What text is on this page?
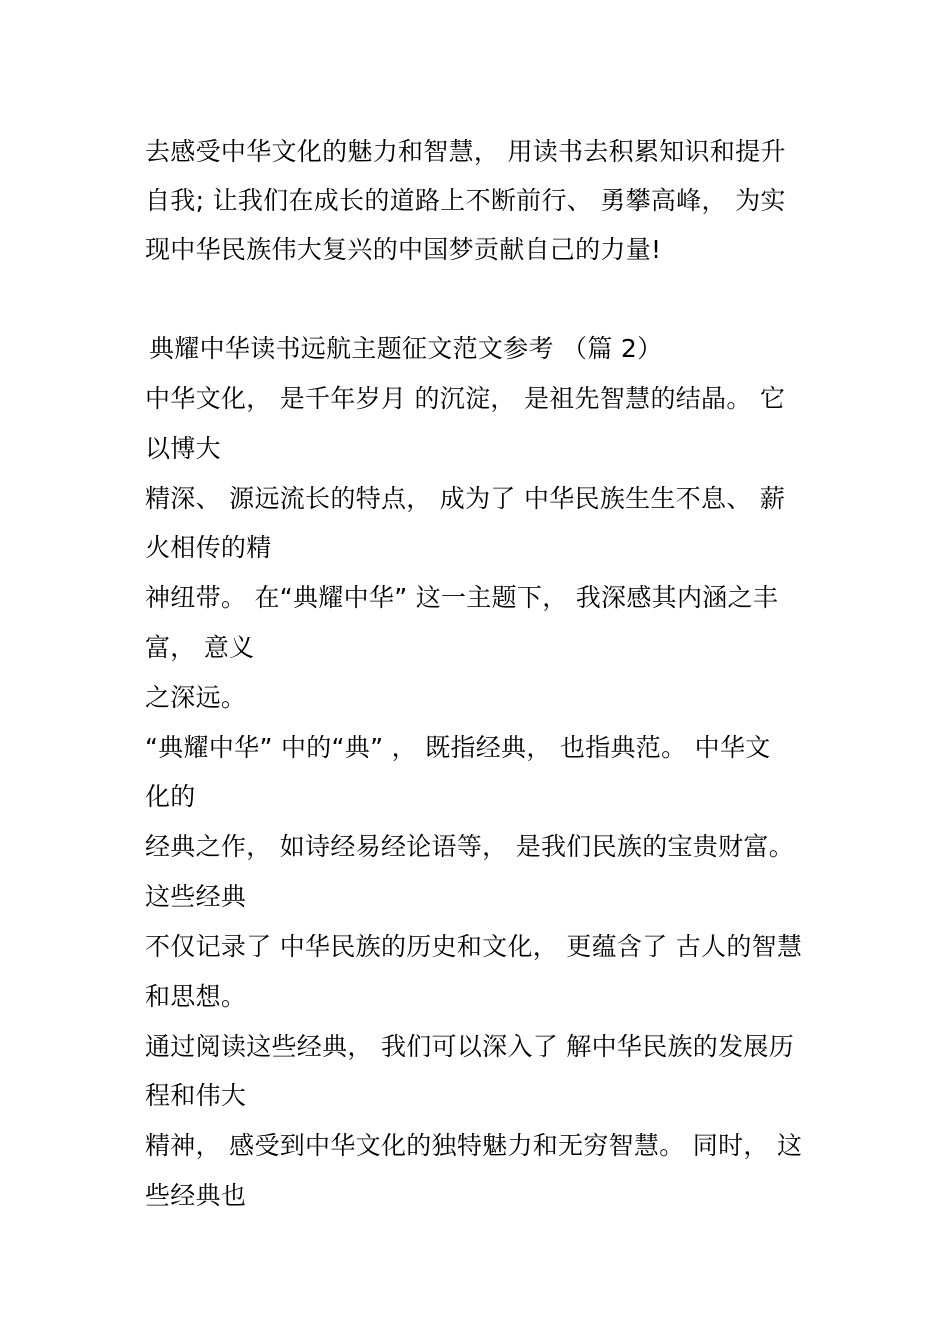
去感受中华文化的魅力和智慧， 用读书去积累知识和提升
自我; 让我们在成长的道路上不断前行、 勇攀高峰， 为实
现中华民族伟大复兴的中国梦贡献自己的力量!
典耀中华读书远航主题征文范文参考 （篇 2）
中华文化， 是千年岁月 的沉淀， 是祖先智慧的结晶。 它
以博大
精深、 源远流长的特点， 成为了 中华民族生生不息、 薪
火相传的精
神纽带。 在“典耀中华” 这一主题下， 我深感其内涵之丰
富， 意义
之深远。
“典耀中华” 中的“典” ， 既指经典， 也指典范。 中华文
化的
经典之作， 如诗经易经论语等， 是我们民族的宝贵财富。
这些经典
不仅记录了 中华民族的历史和文化， 更蕴含了 古人的智慧
和思想。
通过阅读这些经典， 我们可以深入了 解中华民族的发展历
程和伟大
精神， 感受到中华文化的独特魅力和无穷智慧。 同时， 这
些经典也
